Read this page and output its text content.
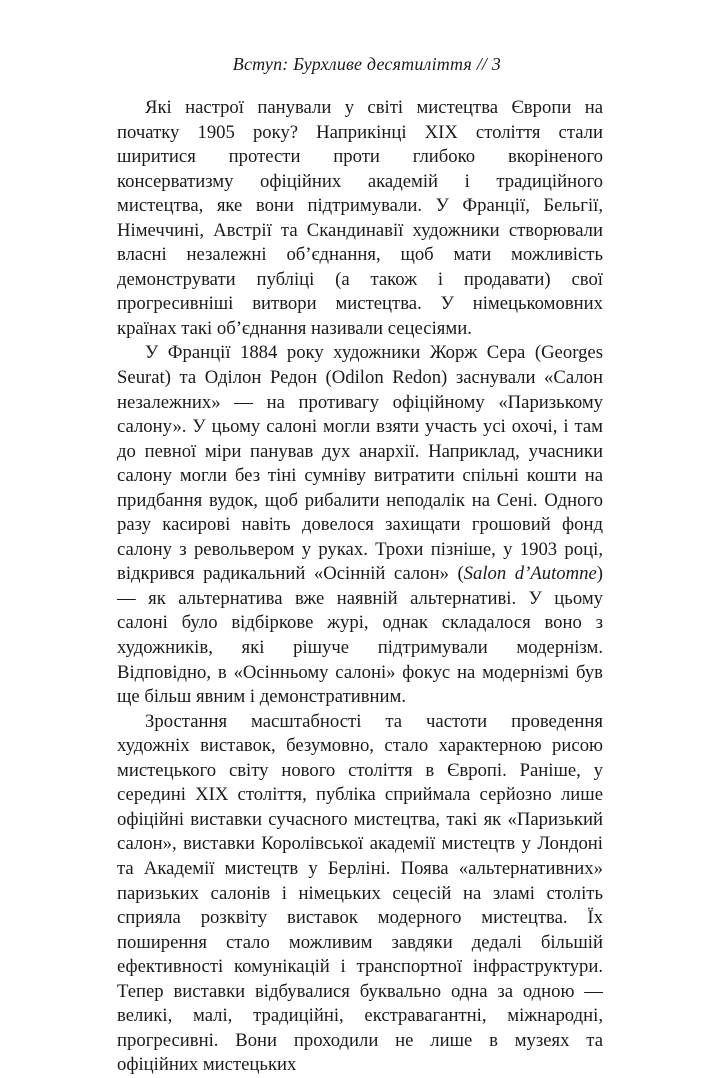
Вступ: Бурхливе десятиліття // 3

Які настрої панували у світі мистецтва Європи на початку 1905 року? Наприкінці XIX століття стали ширитися протести проти глибоко вкоріненого консерватизму офіційних академій і традиційного мистецтва, яке вони підтримували. У Франції, Бельгії, Німеччині, Австрії та Скандинавії художники створювали власні незалежні об’єднання, щоб мати можливість демонструвати публіці (а також і продавати) свої прогресивніші витвори мистецтва. У німецькомовних країнах такі об’єднання називали сецесіями.

У Франції 1884 року художники Жорж Сера (Georges Seurat) та Оділон Редон (Odilon Redon) заснували «Салон незалежних» — на противагу офіційному «Паризькому салону». У цьому салоні могли взяти участь усі охочі, і там до певної міри панував дух анархії. Наприклад, учасники салону могли без тіні сумніву витратити спільні кошти на придбання вудок, щоб рибалити неподалік на Сені. Одного разу касирові навіть довелося захищати грошовий фонд салону з револьвером у руках. Трохи пізніше, у 1903 році, відкрився радикальний «Осінній салон» (Salon d’Automne) — як альтернатива вже наявній альтернативі. У цьому салоні було відбіркове журі, однак складалося воно з художників, які рішуче підтримували модернізм. Відповідно, в «Осінньому салоні» фокус на модернізмі був ще більш явним і демонстративним.

Зростання масштабності та частоти проведення художніх виставок, безумовно, стало характерною рисою мистецького світу нового століття в Європі. Раніше, у середині XIX століття, публіка сприймала серйозно лише офіційні виставки сучасного мистецтва, такі як «Паризький салон», виставки Королівської академії мистецтв у Лондоні та Академії мистецтв у Берліні. Поява «альтернативних» паризьких салонів і німецьких сецесій на зламі століть сприяла розквіту виставок модерного мистецтва. Їх поширення стало можливим завдяки дедалі більшій ефективності комунікацій і транспортної інфраструктури. Тепер виставки відбувалися буквально одна за одною — великі, малі, традиційні, екстравагантні, міжнародні, прогресивні. Вони проходили не лише в музеях та офіційних мистецьких
